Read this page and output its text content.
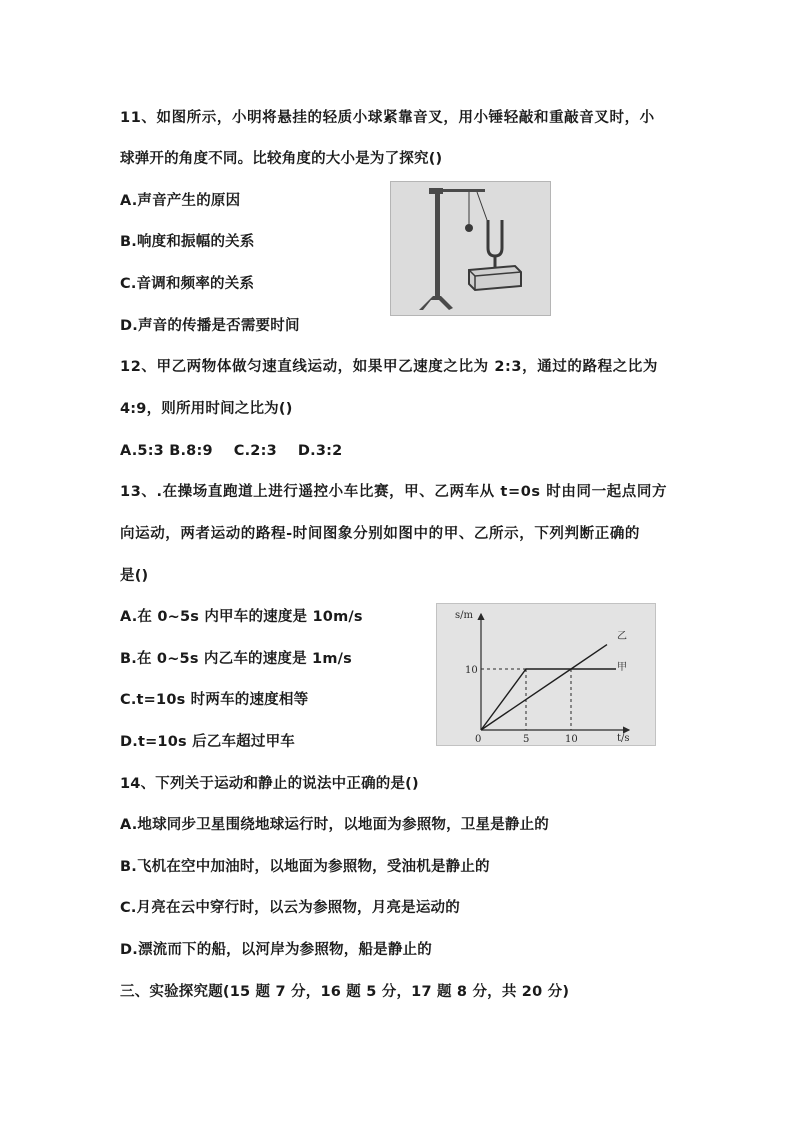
11、如图所示，小明将悬挂的轻质小球紧靠音叉，用小锤轻敲和重敲音叉时，小
球弹开的角度不同。比较角度的大小是为了探究()
A.声音产生的原因
B.响度和振幅的关系
C.音调和频率的关系
D.声音的传播是否需要时间
12、甲乙两物体做匀速直线运动，如果甲乙速度之比为 2:3，通过的路程之比为
4:9，则所用时间之比为()
A.5:3 B.8:9    C.2:3    D.3:2
13、.在操场直跑道上进行遥控小车比赛，甲、乙两车从 t=0s 时由同一起点同方
向运动，两者运动的路程-时间图象分别如图中的甲、乙所示，下列判断正确的
是()
A.在 0~5s 内甲车的速度是 10m/s
B.在 0~5s 内乙车的速度是 1m/s
C.t=10s 时两车的速度相等
D.t=10s 后乙车超过甲车
s/m
t/s
0	5	10
10
乙
甲
14、下列关于运动和静止的说法中正确的是()
A.地球同步卫星围绕地球运行时，以地面为参照物，卫星是静止的
B.飞机在空中加油时，以地面为参照物，受油机是静止的
C.月亮在云中穿行时，以云为参照物，月亮是运动的
D.漂流而下的船，以河岸为参照物，船是静止的
三、实验探究题(15 题 7 分，16 题 5 分，17 题 8 分，共 20 分)
